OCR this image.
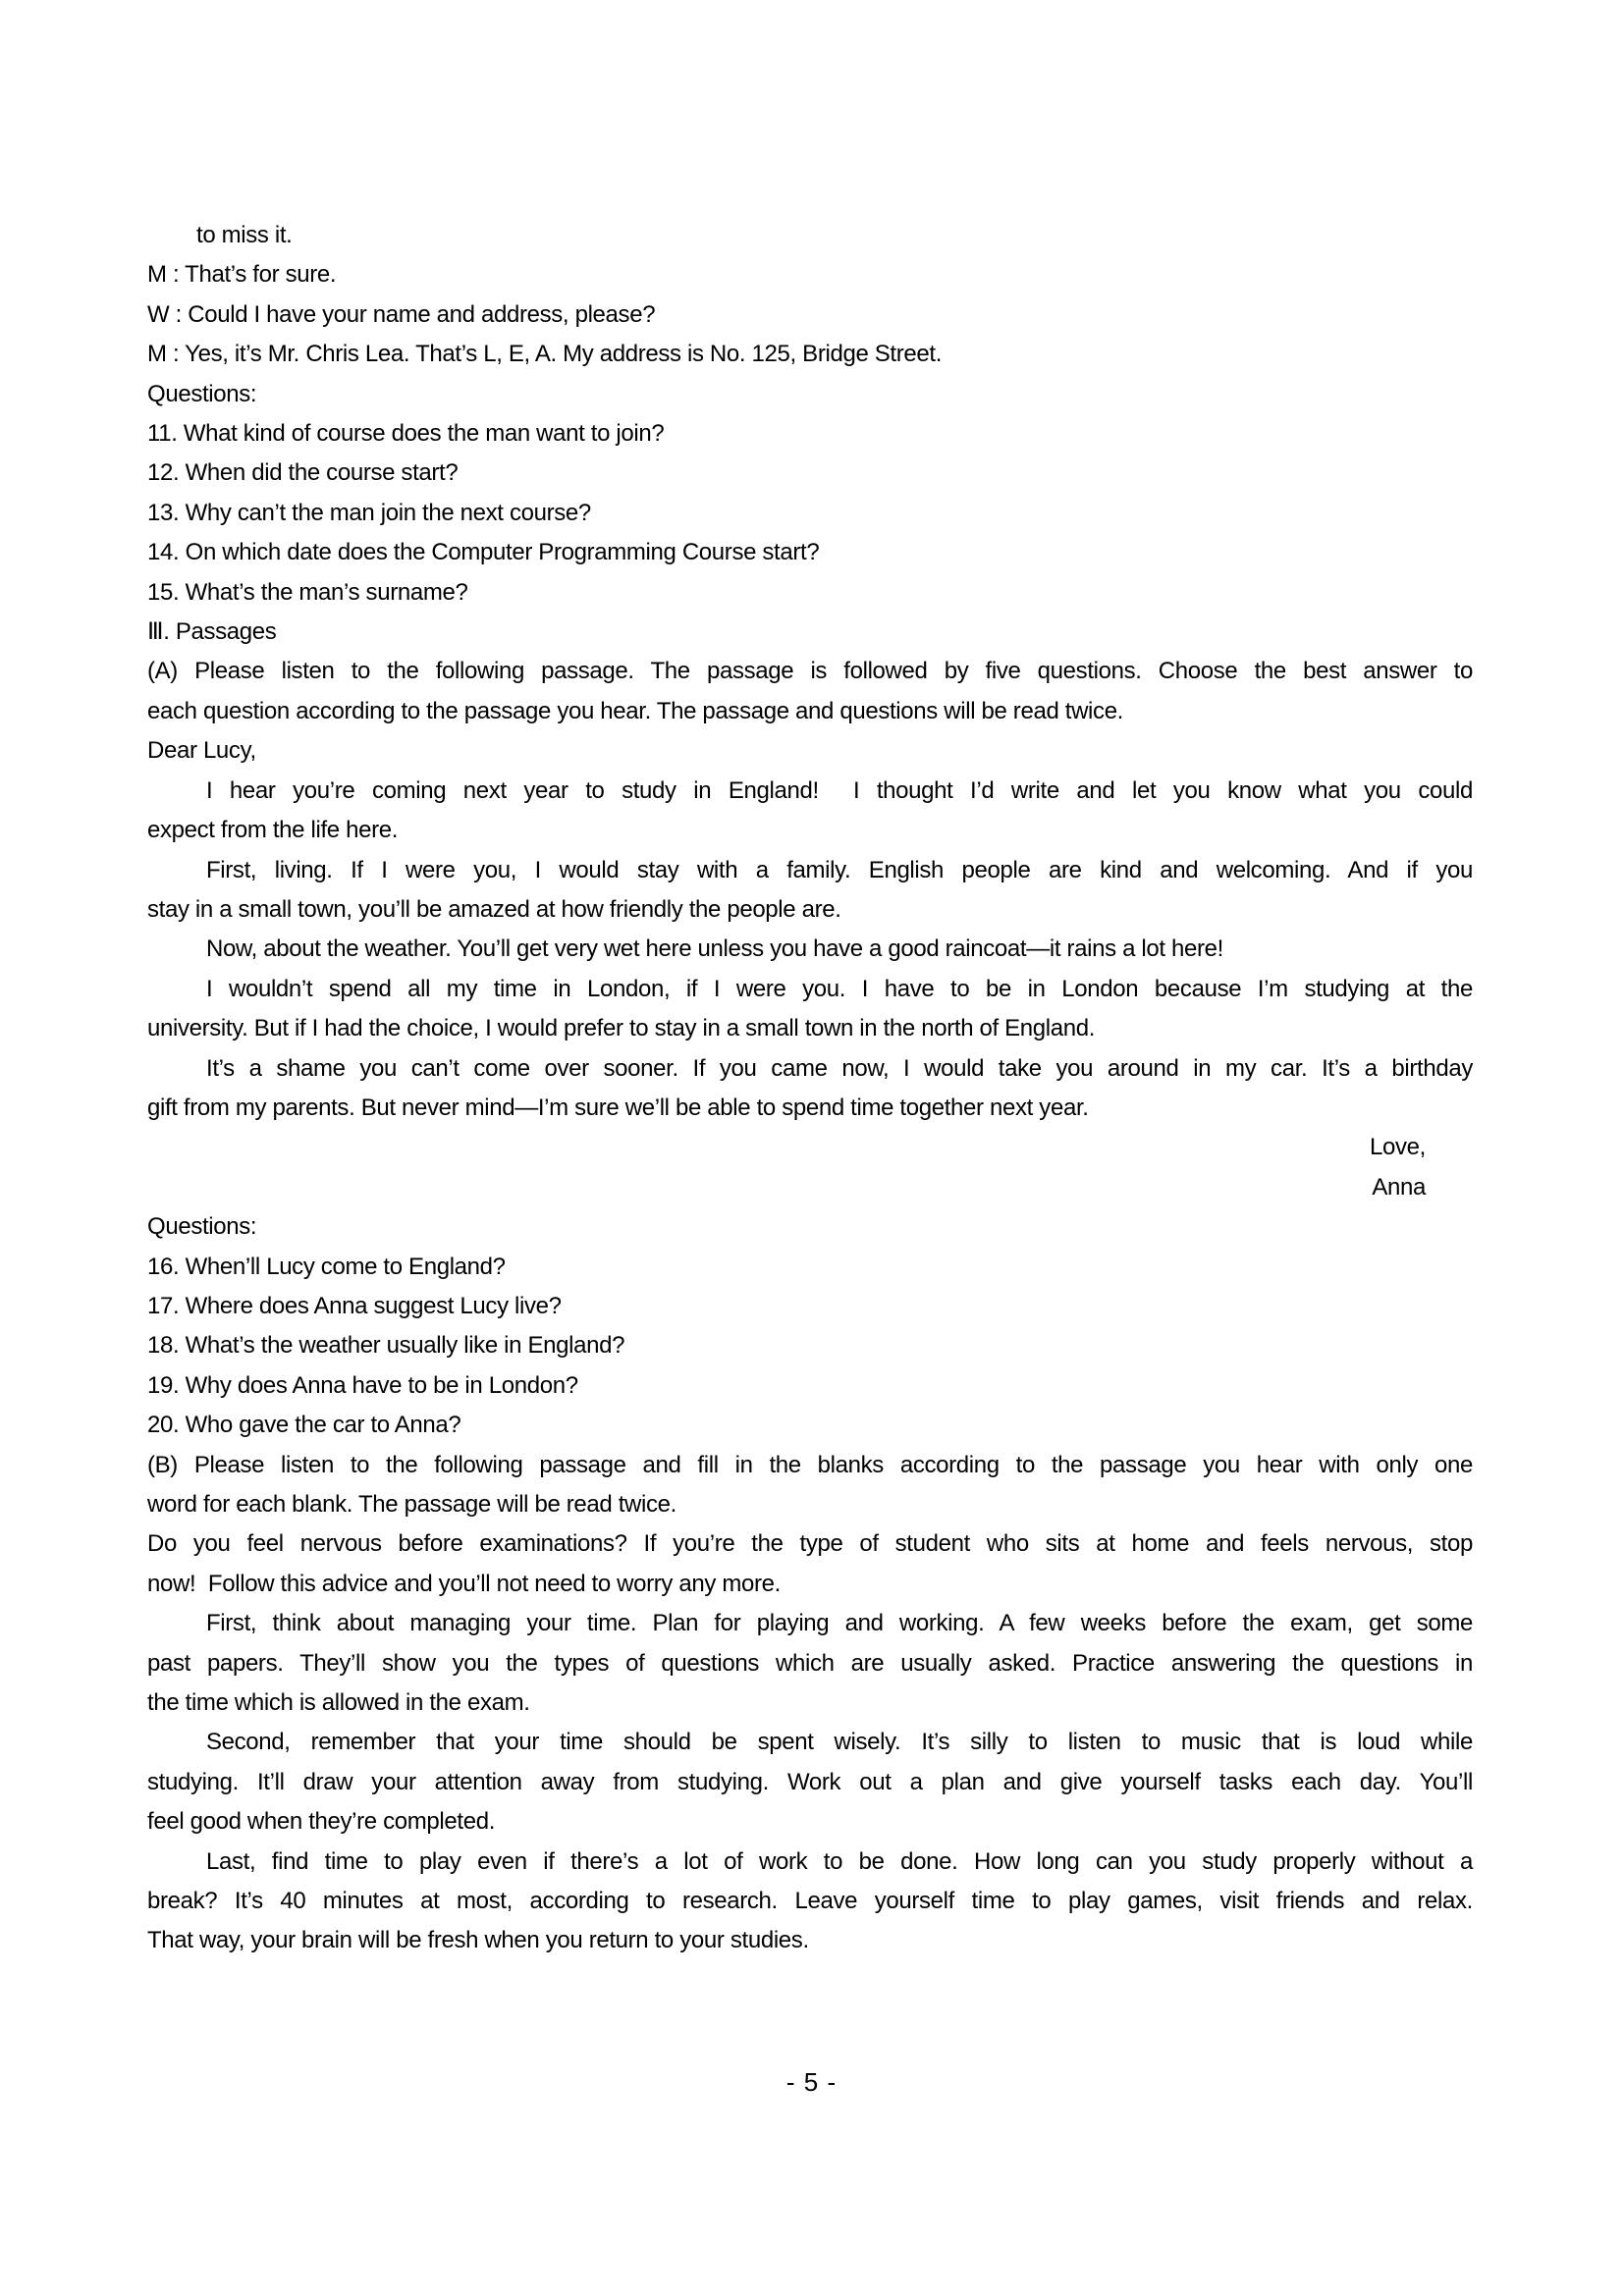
to miss it.
M : That’s for sure.
W : Could I have your name and address, please?
M : Yes, it’s Mr. Chris Lea. That’s L, E, A. My address is No. 125, Bridge Street.
Questions:
11. What kind of course does the man want to join?
12. When did the course start?
13. Why can’t the man join the next course?
14. On which date does the Computer Programming Course start?
15. What’s the man’s surname?
Ⅲ. Passages
(A) Please listen to the following passage. The passage is followed by five questions. Choose the best answer to
each question according to the passage you hear. The passage and questions will be read twice.
Dear Lucy,
I hear you’re coming next year to study in England!  I thought I’d write and let you know what you could
expect from the life here.
First, living. If I were you, I would stay with a family. English people are kind and welcoming. And if you
stay in a small town, you’ll be amazed at how friendly the people are.
Now, about the weather. You’ll get very wet here unless you have a good raincoat—it rains a lot here!
I wouldn’t spend all my time in London, if I were you. I have to be in London because I’m studying at the
university. But if I had the choice, I would prefer to stay in a small town in the north of England.
It’s a shame you can’t come over sooner. If you came now, I would take you around in my car. It’s a birthday
gift from my parents. But never mind—I’m sure we’ll be able to spend time together next year.
Love,
Anna
Questions:
16. When’ll Lucy come to England?
17. Where does Anna suggest Lucy live?
18. What’s the weather usually like in England?
19. Why does Anna have to be in London?
20. Who gave the car to Anna?
(B) Please listen to the following passage and fill in the blanks according to the passage you hear with only one
word for each blank. The passage will be read twice.
Do you feel nervous before examinations? If you’re the type of student who sits at home and feels nervous, stop
now!  Follow this advice and you’ll not need to worry any more.
First, think about managing your time. Plan for playing and working. A few weeks before the exam, get some
past papers. They’ll show you the types of questions which are usually asked. Practice answering the questions in
the time which is allowed in the exam.
Second, remember that your time should be spent wisely. It’s silly to listen to music that is loud while
studying. It’ll draw your attention away from studying. Work out a plan and give yourself tasks each day. You’ll
feel good when they’re completed.
Last, find time to play even if there’s a lot of work to be done. How long can you study properly without a
break? It’s 40 minutes at most, according to research. Leave yourself time to play games, visit friends and relax.
That way, your brain will be fresh when you return to your studies.
- 5 -
